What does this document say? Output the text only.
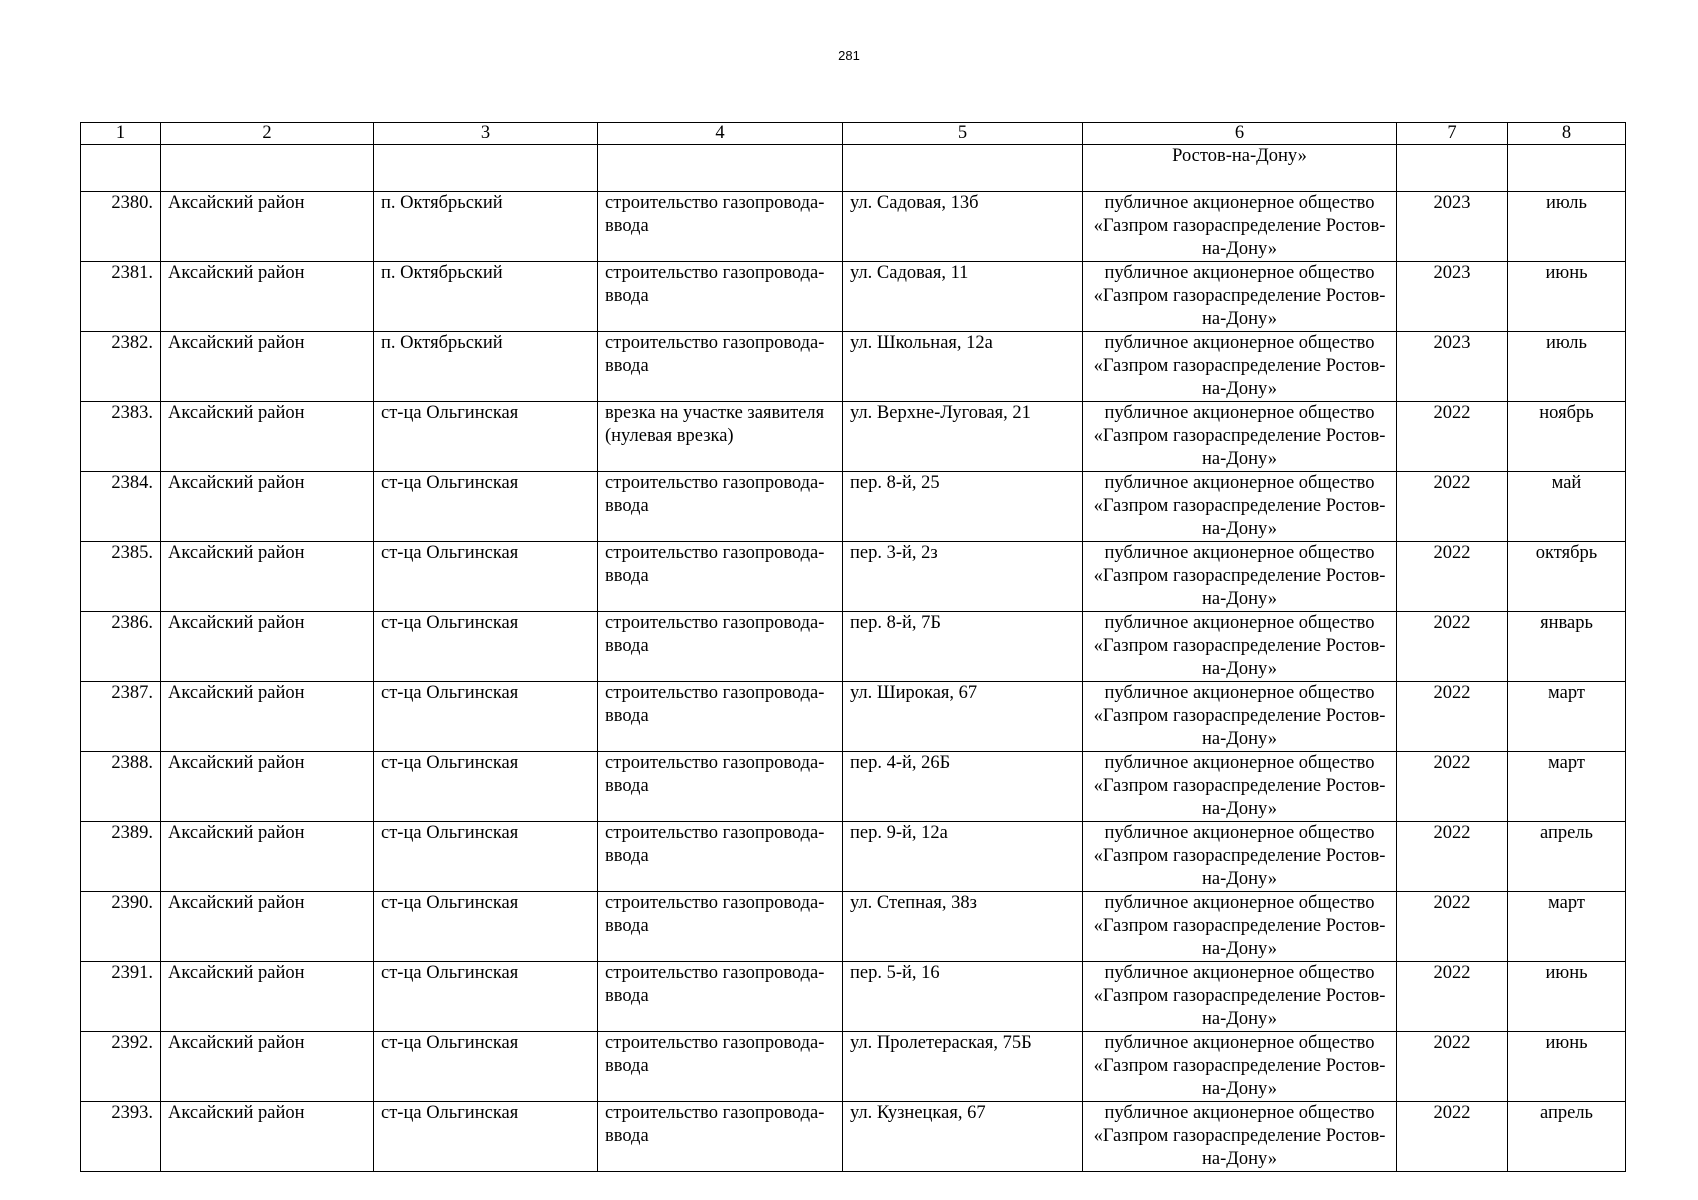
281
1	2	3	4	5	6	7	8
					Ростов-на-Дону»		
2380.	Аксайский район	п. Октябрьский	строительство газопровода-ввода	ул. Садовая, 13б	публичное акционерное общество «Газпром газораспределение Ростов-на-Дону»	2023	июль
2381.	Аксайский район	п. Октябрьский	строительство газопровода-ввода	ул. Садовая, 11	публичное акционерное общество «Газпром газораспределение Ростов-на-Дону»	2023	июнь
2382.	Аксайский район	п. Октябрьский	строительство газопровода-ввода	ул. Школьная, 12а	публичное акционерное общество «Газпром газораспределение Ростов-на-Дону»	2023	июль
2383.	Аксайский район	ст-ца Ольгинская	врезка на участке заявителя (нулевая врезка)	ул. Верхне-Луговая, 21	публичное акционерное общество «Газпром газораспределение Ростов-на-Дону»	2022	ноябрь
2384.	Аксайский район	ст-ца Ольгинская	строительство газопровода-ввода	пер. 8-й, 25	публичное акционерное общество «Газпром газораспределение Ростов-на-Дону»	2022	май
2385.	Аксайский район	ст-ца Ольгинская	строительство газопровода-ввода	пер. 3-й, 2з	публичное акционерное общество «Газпром газораспределение Ростов-на-Дону»	2022	октябрь
2386.	Аксайский район	ст-ца Ольгинская	строительство газопровода-ввода	пер. 8-й, 7Б	публичное акционерное общество «Газпром газораспределение Ростов-на-Дону»	2022	январь
2387.	Аксайский район	ст-ца Ольгинская	строительство газопровода-ввода	ул. Широкая, 67	публичное акционерное общество «Газпром газораспределение Ростов-на-Дону»	2022	март
2388.	Аксайский район	ст-ца Ольгинская	строительство газопровода-ввода	пер. 4-й, 26Б	публичное акционерное общество «Газпром газораспределение Ростов-на-Дону»	2022	март
2389.	Аксайский район	ст-ца Ольгинская	строительство газопровода-ввода	пер. 9-й, 12а	публичное акционерное общество «Газпром газораспределение Ростов-на-Дону»	2022	апрель
2390.	Аксайский район	ст-ца Ольгинская	строительство газопровода-ввода	ул. Степная, 38з	публичное акционерное общество «Газпром газораспределение Ростов-на-Дону»	2022	март
2391.	Аксайский район	ст-ца Ольгинская	строительство газопровода-ввода	пер. 5-й, 16	публичное акционерное общество «Газпром газораспределение Ростов-на-Дону»	2022	июнь
2392.	Аксайский район	ст-ца Ольгинская	строительство газопровода-ввода	ул. Пролетераская, 75Б	публичное акционерное общество «Газпром газораспределение Ростов-на-Дону»	2022	июнь
2393.	Аксайский район	ст-ца Ольгинская	строительство газопровода-ввода	ул. Кузнецкая, 67	публичное акционерное общество «Газпром газораспределение Ростов-на-Дону»	2022	апрель
